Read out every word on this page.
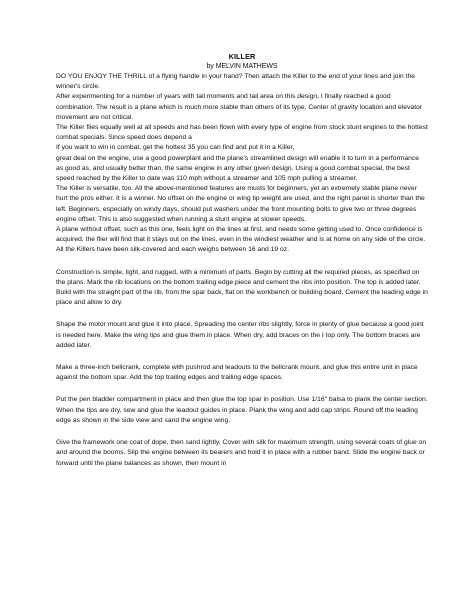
KILLER

by MELVIN MATHEWS

DO YOU ENJOY THE THRILL of a flying handle in your hand? Then attach the Killer to the end of your lines and join the winner's circle.

After experimenting for a number of years with tail moments and tail area on this design, I finally reached a good combination. The result is a plane which is much more stable than others of its type. Center of gravity location and elevator movement are not critical.

The Killer flies equally well at all speeds and has been flown with every type of engine from stock stunt engines to the hottest combat specials. Since speed does depend a

If you want to win in combat, get the hottest 35 you can find and put it in a Killer,

great deal on the engine, use a good powerplant and the plane's streamlined design will enable it to turn in a performance as good as, and usually better than, the same engine in any other given design. Using a good combat special, the best speed reached by the Killer to date was 110 mph without a streamer and 105 mph pulling a streamer.

The Killer is versatile, too. All the above-mentioned features are musts for beginners, yet an extremely stable plane never hurt the pros either. It is a winner. No offset on the engine or wing tip weight are used, and the right panel is shorter than the left. Beginners, especially on windy days, should put washers under the front mounting bolts to give two or three degrees engine offset. This is also suggested when running a stunt engine at slower speeds.

A plane without offset, such as this one, feels light on the lines at first, and needs some getting used to. Once confidence is acquired, the flier will find that it stays out on the lines, even in the windiest weather and is at home on any side of the circle. All the Killers have been silk-covered and each weighs between 16 and 19 oz.

Construction is simple, light, and rugged, with a minimum of parts. Begin by cutting all the required pieces, as specified on the plans. Mark the rib locations on the bottom trailing edge piece and cement the ribs into position. The top is added later. Build with the straight part of the rib, from the spar back, flat on the workbench or building board. Cement the leading edge in place and allow to dry.

Shape the motor mount and glue it into place. Spreading the center ribs slightly, force in plenty of glue because a good joint is needed here. Make the wing tips and glue them in place. When dry, add braces on the I top only. The bottom braces are added later.

Make a three-inch bellcrank, complete with pushrod and leadouts to the bellcrank mount, and glue this entire unit in place against the bottom spar. Add the top trailing edges and trailing edge spaces.

Put the pen bladder compartment in place and then glue the top spar in position. Use 1/16" balsa to plank the center section. When the tips are dry, sew and glue the leadout guides in place. Plank the wing and add cap strips. Round off the leading edge as shown in the side view and sand the engine wing.

Give the framework one coat of dope, then sand lightly. Cover with silk for maximum strength, using several coats of glue on and around the booms. Slip the engine between its bearers and hold it in place with a rubber band. Slide the engine back or forward until the plane balances as shown, then mount in
